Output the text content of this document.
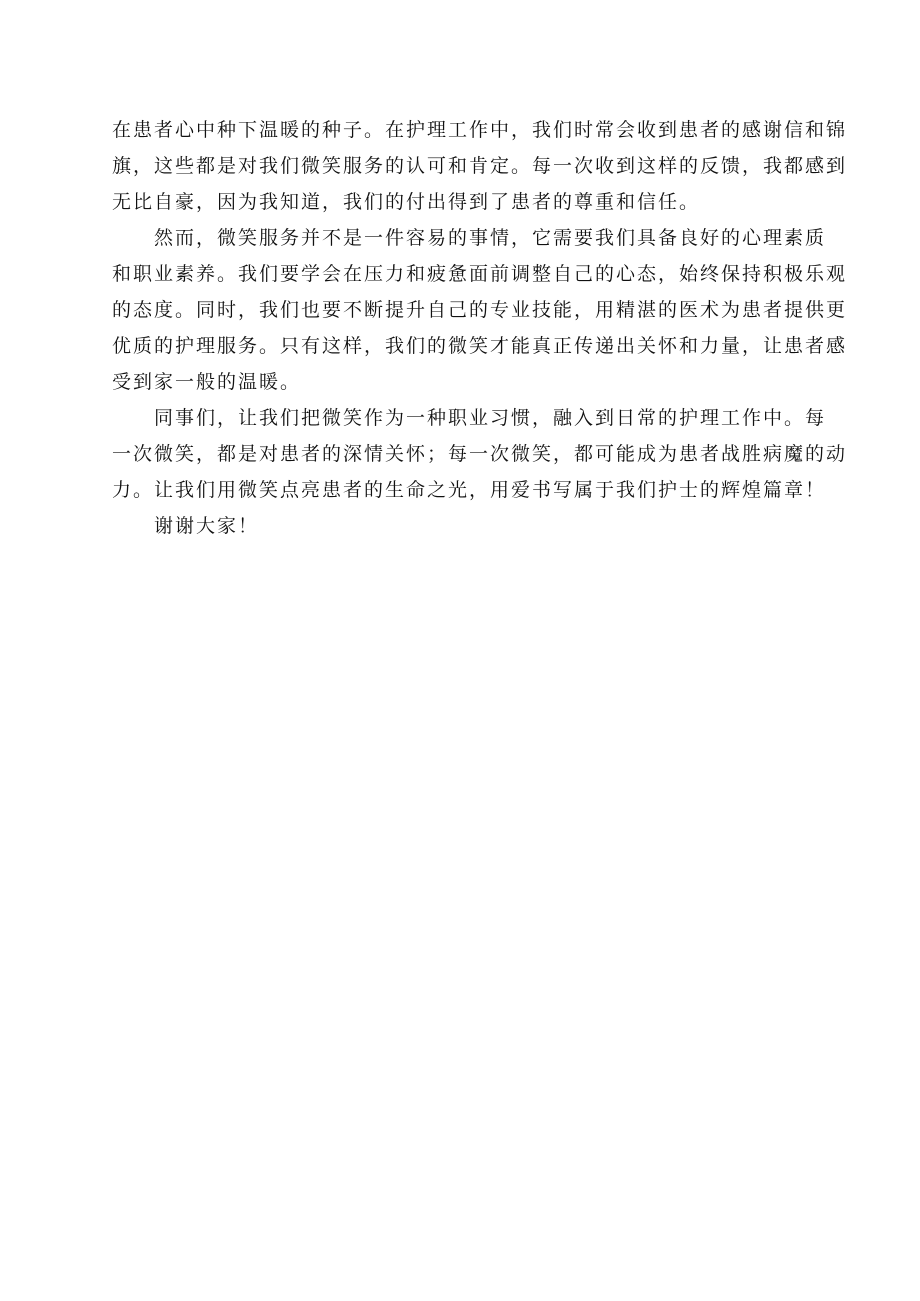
在患者心中种下温暖的种子。在护理工作中，我们时常会收到患者的感谢信和锦
旗，这些都是对我们微笑服务的认可和肯定。每一次收到这样的反馈，我都感到
无比自豪，因为我知道，我们的付出得到了患者的尊重和信任。
然而，微笑服务并不是一件容易的事情，它需要我们具备良好的心理素质
和职业素养。我们要学会在压力和疲惫面前调整自己的心态，始终保持积极乐观
的态度。同时，我们也要不断提升自己的专业技能，用精湛的医术为患者提供更
优质的护理服务。只有这样，我们的微笑才能真正传递出关怀和力量，让患者感
受到家一般的温暖。
同事们，让我们把微笑作为一种职业习惯，融入到日常的护理工作中。每
一次微笑，都是对患者的深情关怀；每一次微笑，都可能成为患者战胜病魔的动
力。让我们用微笑点亮患者的生命之光，用爱书写属于我们护士的辉煌篇章！
谢谢大家！
